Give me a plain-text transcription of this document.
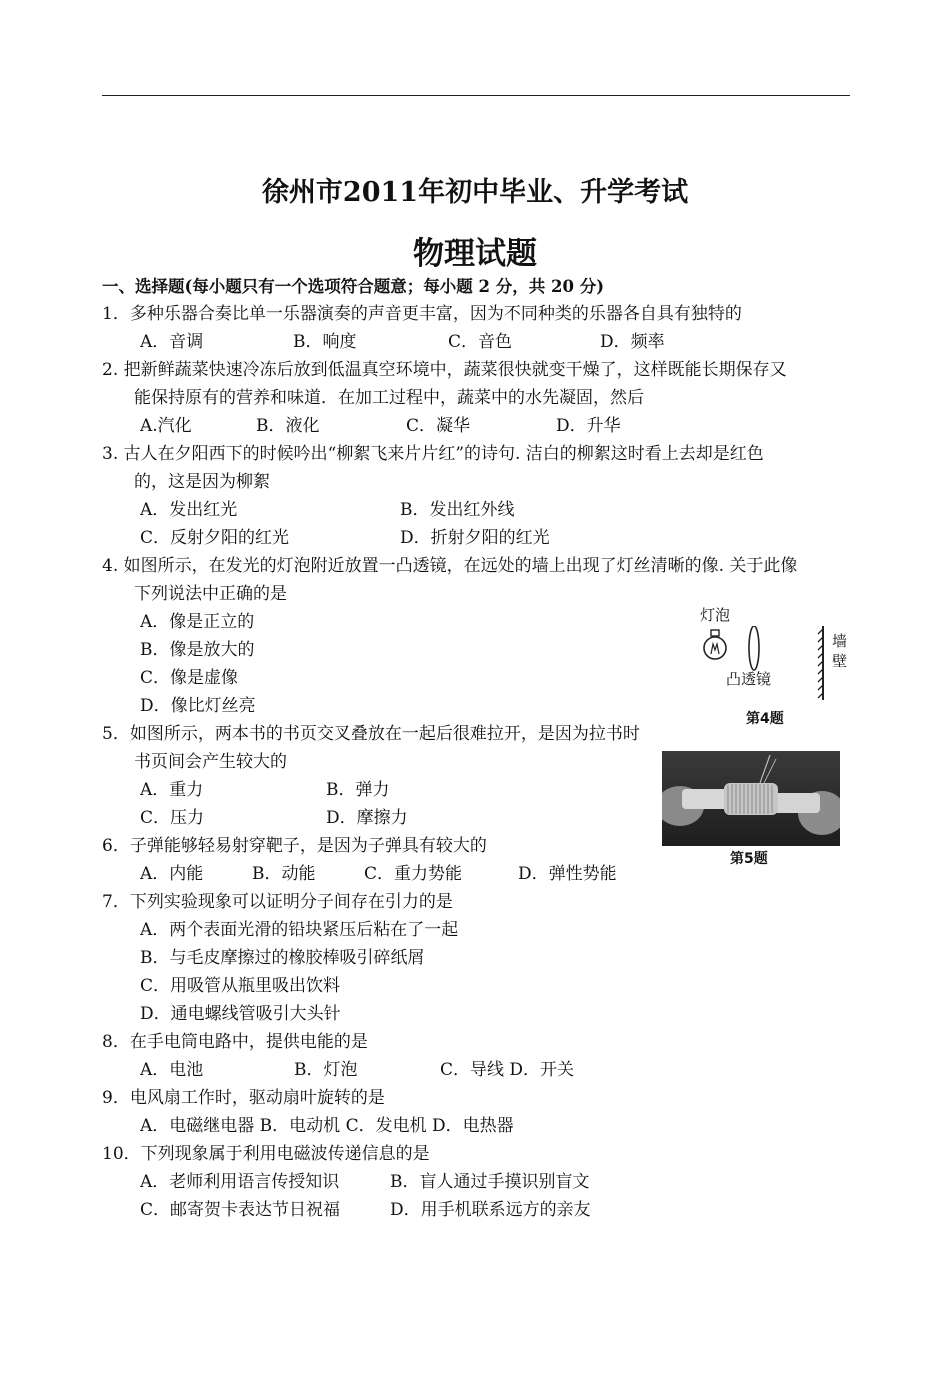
徐州市2011年初中毕业、升学考试
物理试题
一、选择题(每小题只有一个选项符合题意；每小题 2 分，共 20 分)
1．多种乐器合奏比单一乐器演奏的声音更丰富，因为不同种类的乐器各自具有独特的
A．音调	B．响度	C．音色	D．频率
2. 把新鲜蔬菜快速冷冻后放到低温真空环境中，蔬菜很快就变干燥了，这样既能长期保存又
能保持原有的营养和味道．在加工过程中，蔬菜中的水先凝固，然后
A.汽化	B．液化	C．凝华	D．升华
3. 古人在夕阳西下的时候吟出“柳絮飞来片片红”的诗句. 洁白的柳絮这时看上去却是红色
的，这是因为柳絮
A．发出红光	B．发出红外线
C．反射夕阳的红光	D．折射夕阳的红光
4. 如图所示，在发光的灯泡附近放置一凸透镜，在远处的墙上出现了灯丝清晰的像. 关于此像
下列说法中正确的是
A．像是正立的
B．像是放大的
C．像是虚像
D．像比灯丝亮
灯泡
墙
壁
凸透镜
第4题
5．如图所示，两本书的书页交叉叠放在一起后很难拉开，是因为拉书时
书页间会产生较大的
A．重力	B．弹力
C．压力	D．摩擦力
第5题
6．子弹能够轻易射穿靶子，是因为子弹具有较大的
A．内能	B．动能	C．重力势能	D．弹性势能
7．下列实验现象可以证明分子间存在引力的是
A．两个表面光滑的铅块紧压后粘在了一起
B．与毛皮摩擦过的橡胶棒吸引碎纸屑
C．用吸管从瓶里吸出饮料
D．通电螺线管吸引大头针
8．在手电筒电路中，提供电能的是
A．电池	B．灯泡	C．导线 D．开关
9．电风扇工作时，驱动扇叶旋转的是
A．电磁继电器 B．电动机 C．发电机 D．电热器
10．下列现象属于利用电磁波传递信息的是
A．老师利用语言传授知识	B．盲人通过手摸识别盲文
C．邮寄贺卡表达节日祝福	D．用手机联系远方的亲友
